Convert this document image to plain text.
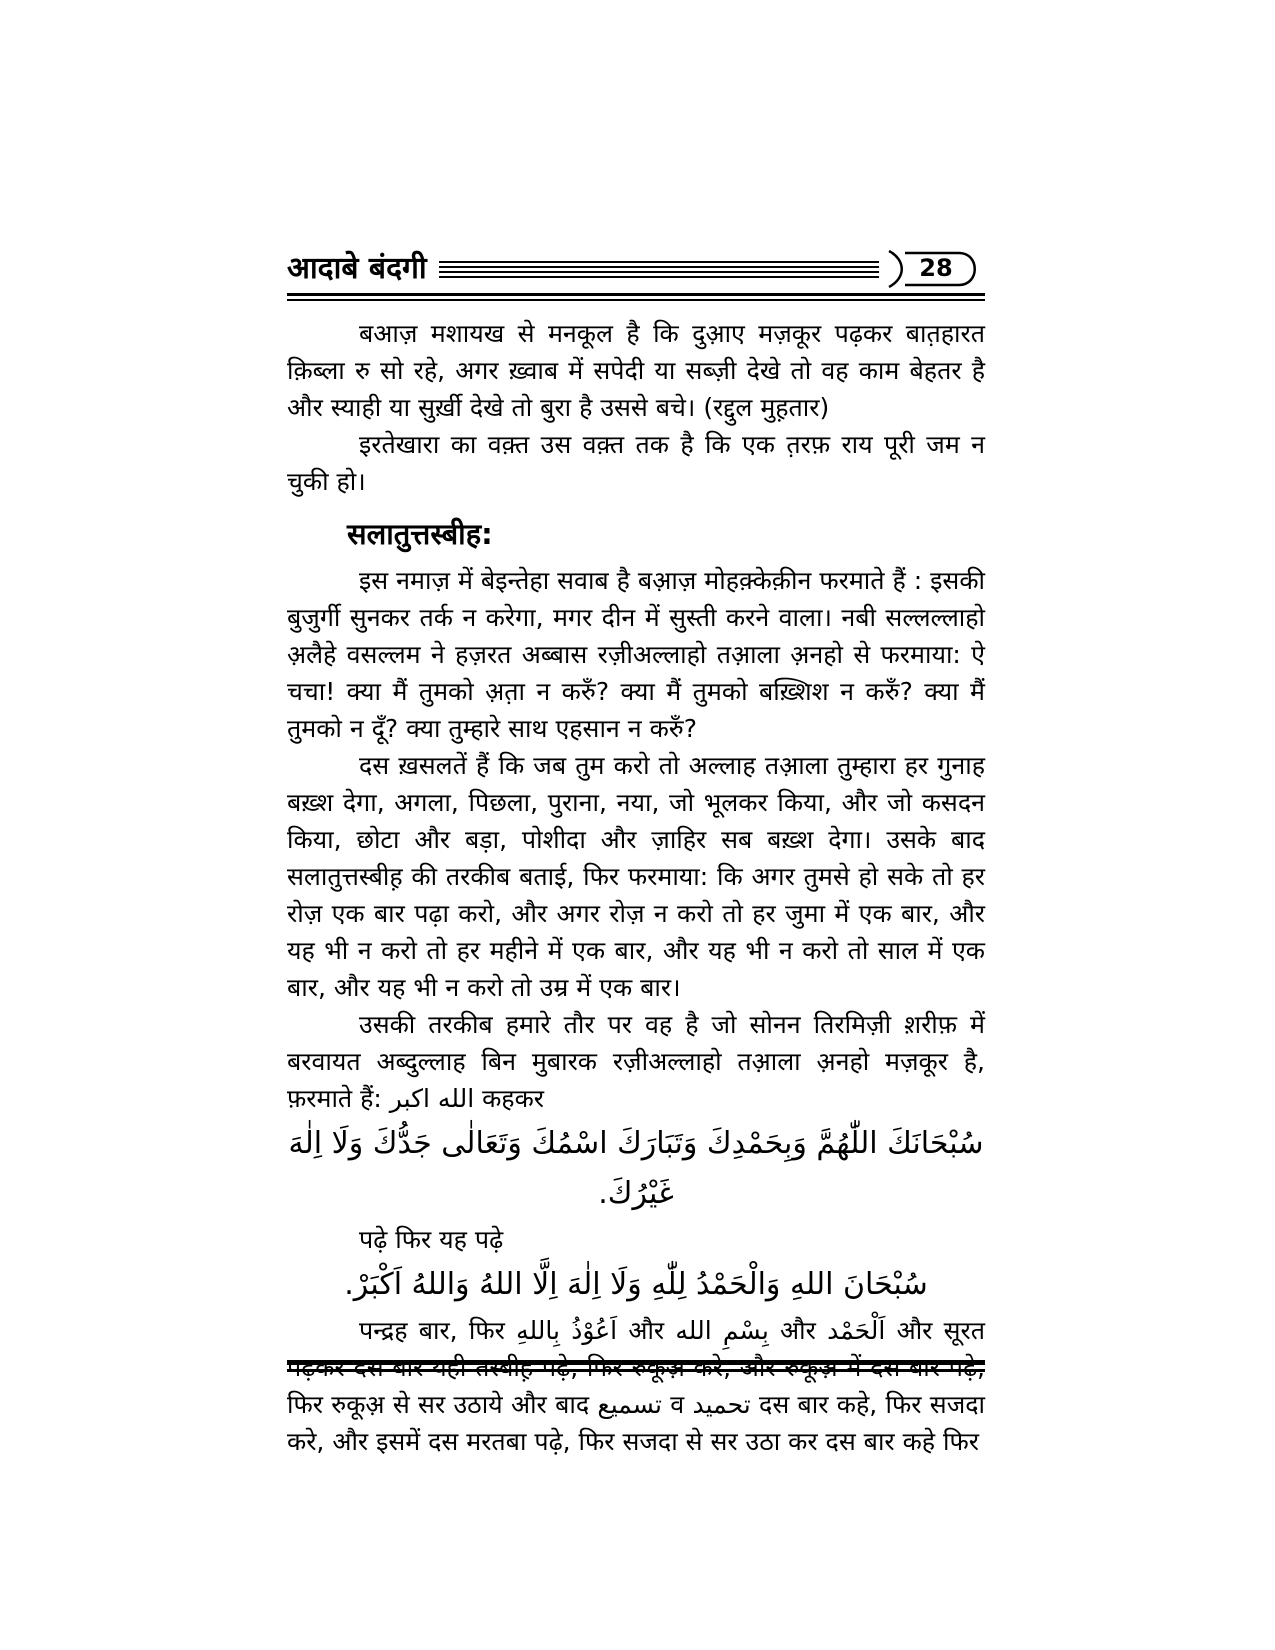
आदाबे बंदगी	28

बआज़ मशायख से मनकूल है कि दुआ़ए मज़कूर पढ़कर बात़हारत क़िब्ला रु सो रहे, अगर ख़्वाब में सपेदी या सब्ज़ी देखे तो वह काम बेहतर है और स्याही या सुर्ख़ी देखे तो बुरा है उससे बचे। (रद्दुल मुह़तार)

इरतेखारा का वक़्त उस वक़्त तक है कि एक त़रफ़ राय पूरी जम न चुकी हो।

सलातुत्तस्बीह:

इस नमाज़ में बेइन्तेहा सवाब है बआ़ज़ मोहक़्केक़ीन फरमाते हैं : इसकी बुजुर्गी सुनकर तर्क न करेगा, मगर दीन में सुस्ती करने वाला। नबी सल्लल्लाहो अ़लैहे वसल्लम ने हज़रत अब्बास रज़ीअल्लाहो तआ़ला अ़नहो से फरमाया: ऐ चचा! क्या मैं तुमको अ़त़ा न करुँ? क्या मैं तुमको बख़्शिश न करुँ? क्या मैं तुमको न दूँ? क्या तुम्हारे साथ एहसान न करुँ?

दस ख़सलतें हैं कि जब तुम करो तो अल्लाह तआ़ला तुम्हारा हर गुनाह बख़्श देगा, अगला, पिछला, पुराना, नया, जो भूलकर किया, और जो कसदन किया, छोटा और बड़ा, पोशीदा और ज़ाहिर सब बख़्श देगा। उसके बाद सलातुत्तस्बीह़ की तरकीब बताई, फिर फरमाया: कि अगर तुमसे हो सके तो हर रोज़ एक बार पढ़ा करो, और अगर रोज़ न करो तो हर जुमा में एक बार, और यह भी न करो तो हर महीने में एक बार, और यह भी न करो तो साल में एक बार, और यह भी न करो तो उम्र में एक बार।

उसकी तरकीब हमारे तौर पर वह है जो सोनन तिरमिज़ी श़रीफ़ में बरवायत अब्दुल्लाह बिन मुबारक रज़ीअल्लाहो तआ़ला अ़नहो मज़कूर है, फ़रमाते हैं: الله اكبر कहकर

سُبْحَانَكَ اللّٰهُمَّ وَبِحَمْدِكَ وَتَبَارَكَ اسْمُكَ وَتَعَالٰى جَدُّكَ وَلَا اِلٰهَ غَيْرُكَ.

पढ़े फिर यह पढ़े

سُبْحَانَ اللهِ وَالْحَمْدُ لِلّٰهِ وَلَا اِلٰهَ اِلَّا اللهُ وَاللهُ اَكْبَرْ.

पन्द्रह बार, फिर اَعُوْذُ بِاللهِ और بِسْمِ الله और اَلْحَمْد और सूरत पढ़कर दस बार यही तस्बीह़ पढ़े, फिर रुकूअ़ करे, और रुकूअ़ में दस बार पढ़े, फिर रुकूअ़ से सर उठाये और बाद تسميع व تحميد दस बार कहे, फिर सजदा करे, और इसमें दस मरतबा पढ़े, फिर सजदा से सर उठा कर दस बार कहे फिर
